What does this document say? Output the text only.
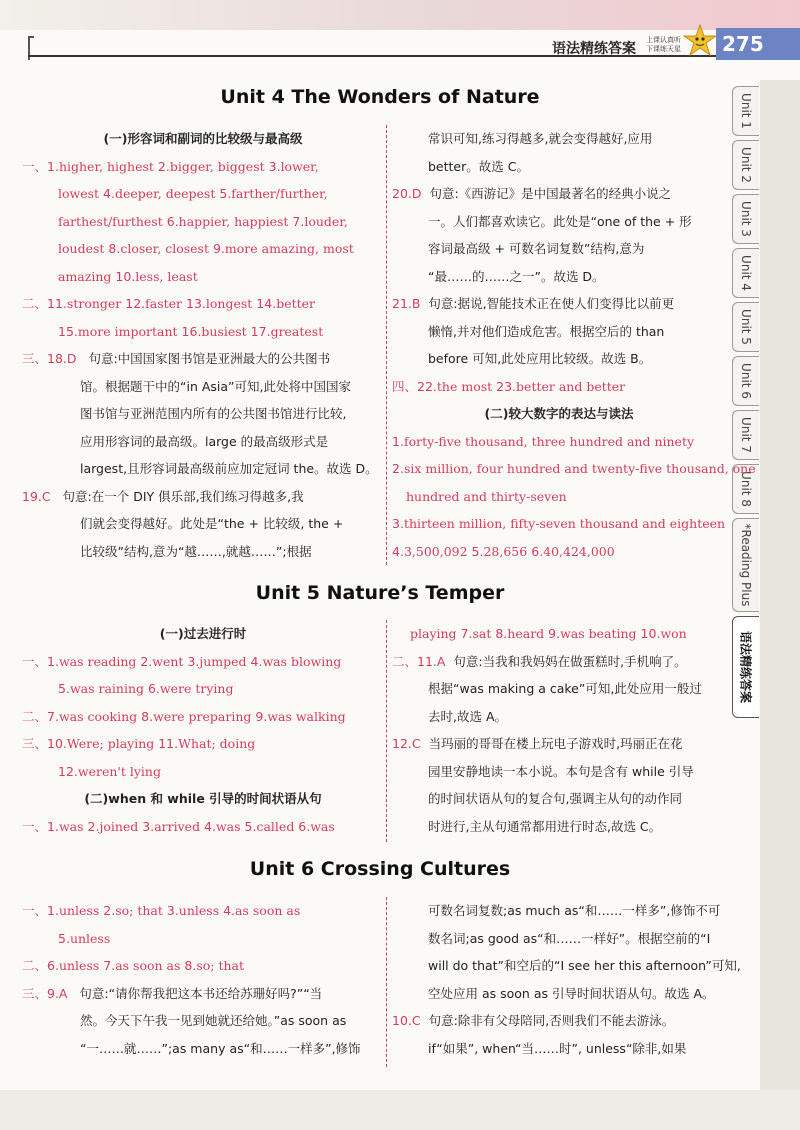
语法精练答案
上课认真听
下课练天星 275
Unit 1
Unit 2
Unit 3
Unit 4
Unit 5
Unit 6
Unit 7
Unit 8
*Reading Plus
语法精练答案
Unit 4 The Wonders of Nature
(一)形容词和副词的比较级与最高级
一、1.higher, highest 2.bigger, biggest 3.lower,
lowest 4.deeper, deepest 5.farther/further,
farthest/furthest 6.happier, happiest 7.louder,
loudest 8.closer, closest 9.more amazing, most
amazing 10.less, least
二、11.stronger 12.faster 13.longest 14.better
15.more important 16.busiest 17.greatest
三、18.D 句意:中国国家图书馆是亚洲最大的公共图书
馆。根据题干中的“in Asia”可知,此处将中国国家
图书馆与亚洲范围内所有的公共图书馆进行比较,
应用形容词的最高级。large 的最高级形式是
largest,且形容词最高级前应加定冠词 the。故选 D。
19.C 句意:在一个 DIY 俱乐部,我们练习得越多,我
们就会变得越好。此处是“the + 比较级, the +
比较级”结构,意为“越……,就越……”;根据
常识可知,练习得越多,就会变得越好,应用
better。故选 C。
20.D 句意:《西游记》是中国最著名的经典小说之
一。人们都喜欢读它。此处是“one of the + 形
容词最高级 + 可数名词复数”结构,意为
“最……的……之一”。故选 D。
21.B 句意:据说,智能技术正在使人们变得比以前更
懒惰,并对他们造成危害。根据空后的 than
before 可知,此处应用比较级。故选 B。
四、22.the most 23.better and better
(二)较大数字的表达与读法
1.forty-five thousand, three hundred and ninety
2.six million, four hundred and twenty-five thousand, one
hundred and thirty-seven
3.thirteen million, fifty-seven thousand and eighteen
4.3,500,092 5.28,656 6.40,424,000
Unit 5 Nature’s Temper
(一)过去进行时
一、1.was reading 2.went 3.jumped 4.was blowing
5.was raining 6.were trying
二、7.was cooking 8.were preparing 9.was walking
三、10.Were; playing 11.What; doing
12.weren't lying
(二)when 和 while 引导的时间状语从句
一、1.was 2.joined 3.arrived 4.was 5.called 6.was
playing 7.sat 8.heard 9.was beating 10.won
二、11.A 句意:当我和我妈妈在做蛋糕时,手机响了。
根据“was making a cake”可知,此处应用一般过
去时,故选 A。
12.C 当玛丽的哥哥在楼上玩电子游戏时,玛丽正在花
园里安静地读一本小说。本句是含有 while 引导
的时间状语从句的复合句,强调主从句的动作同
时进行,主从句通常都用进行时态,故选 C。
Unit 6 Crossing Cultures
一、1.unless 2.so; that 3.unless 4.as soon as
5.unless
二、6.unless 7.as soon as 8.so; that
三、9.A 句意:“请你帮我把这本书还给苏珊好吗?”“当
然。今天下午我一见到她就还给她。”as soon as
“一……就……”;as many as“和……一样多”,修饰
可数名词复数;as much as“和……一样多”,修饰不可
数名词;as good as“和……一样好”。根据空前的“I
will do that”和空后的“I see her this afternoon”可知,
空处应用 as soon as 引导时间状语从句。故选 A。
10.C 句意:除非有父母陪同,否则我们不能去游泳。
if“如果”, when“当……时”, unless“除非,如果
